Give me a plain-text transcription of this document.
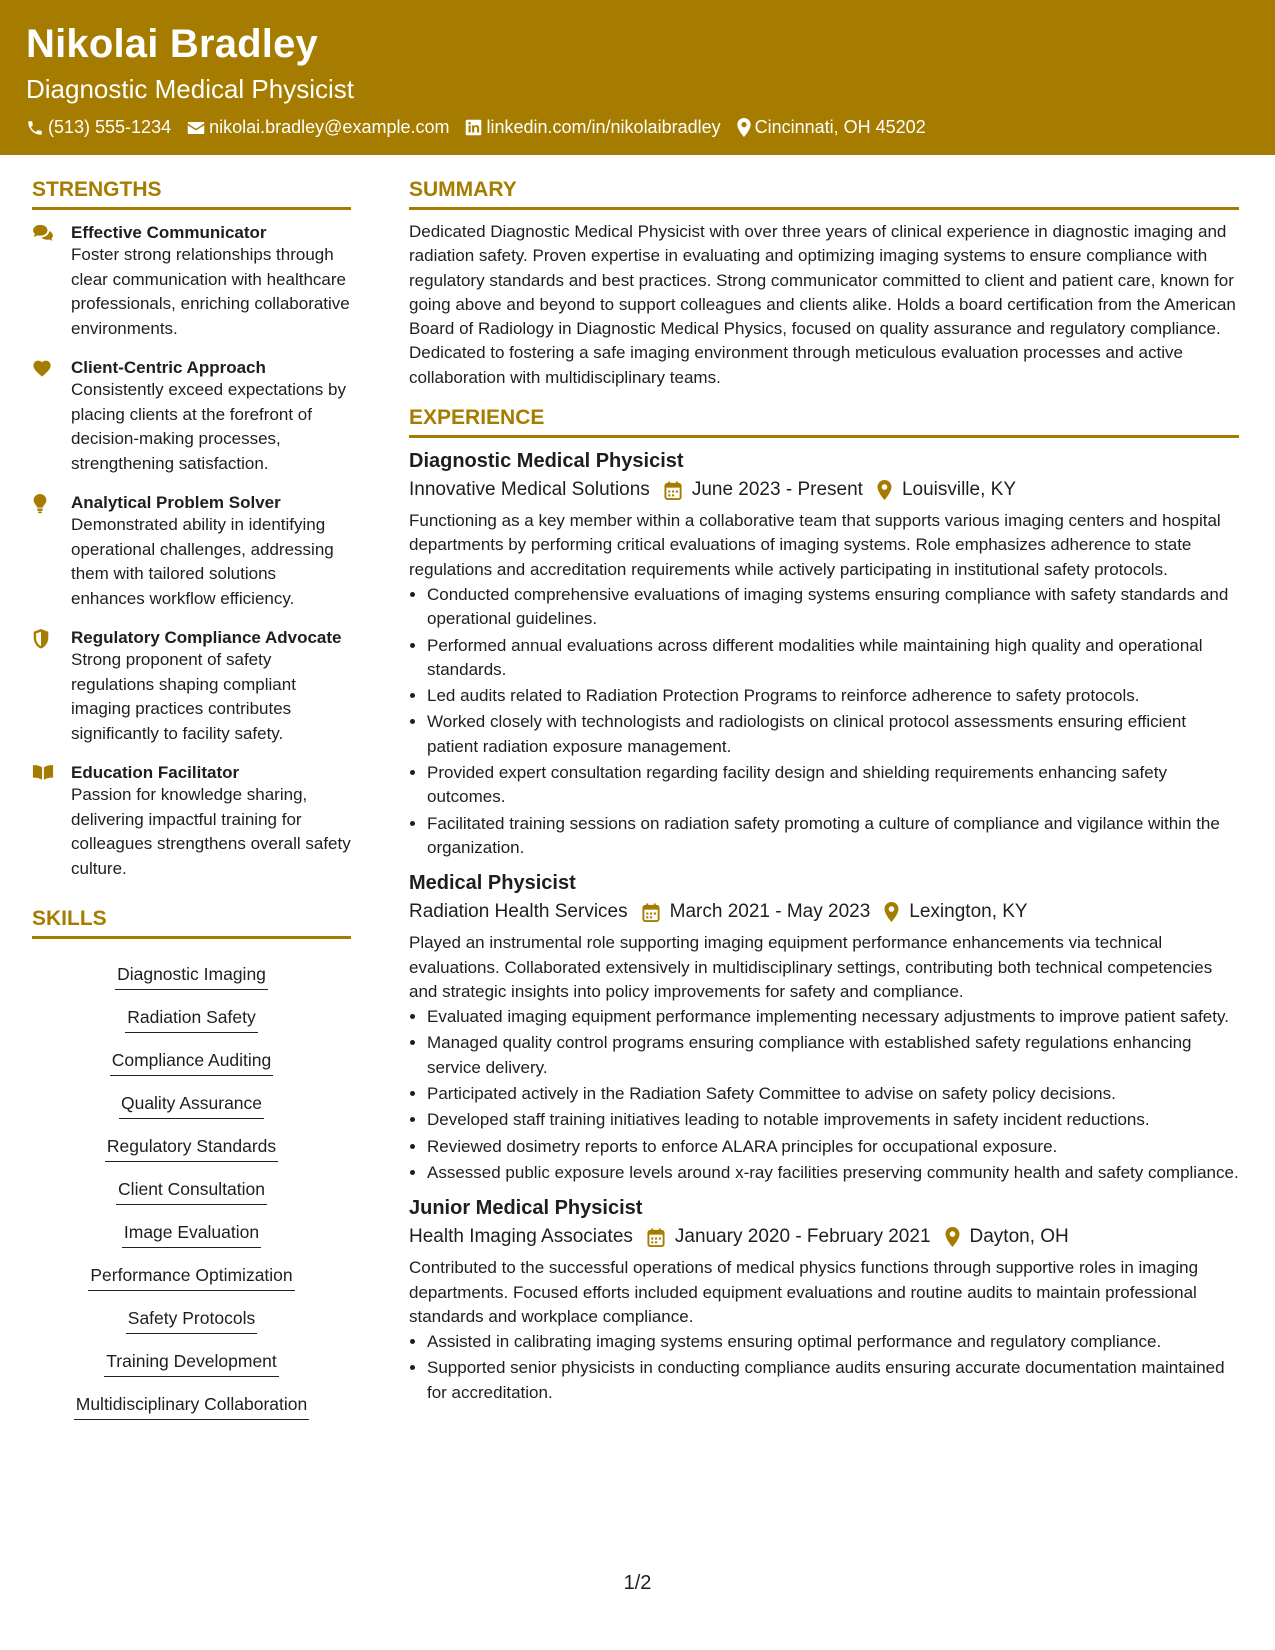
Nikolai Bradley
Diagnostic Medical Physicist
(513) 555-1234 nikolai.bradley@example.com linkedin.com/in/nikolaibradley Cincinnati, OH 45202
STRENGTHS
Effective Communicator
Foster strong relationships through clear communication with healthcare professionals, enriching collaborative environments.
Client-Centric Approach
Consistently exceed expectations by placing clients at the forefront of decision-making processes, strengthening satisfaction.
Analytical Problem Solver
Demonstrated ability in identifying operational challenges, addressing them with tailored solutions enhances workflow efficiency.
Regulatory Compliance Advocate
Strong proponent of safety regulations shaping compliant imaging practices contributes significantly to facility safety.
Education Facilitator
Passion for knowledge sharing, delivering impactful training for colleagues strengthens overall safety culture.
SKILLS
Diagnostic Imaging
Radiation Safety
Compliance Auditing
Quality Assurance
Regulatory Standards
Client Consultation
Image Evaluation
Performance Optimization
Safety Protocols
Training Development
Multidisciplinary Collaboration
SUMMARY
Dedicated Diagnostic Medical Physicist with over three years of clinical experience in diagnostic imaging and radiation safety. Proven expertise in evaluating and optimizing imaging systems to ensure compliance with regulatory standards and best practices. Strong communicator committed to client and patient care, known for going above and beyond to support colleagues and clients alike. Holds a board certification from the American Board of Radiology in Diagnostic Medical Physics, focused on quality assurance and regulatory compliance. Dedicated to fostering a safe imaging environment through meticulous evaluation processes and active collaboration with multidisciplinary teams.
EXPERIENCE
Diagnostic Medical Physicist
Innovative Medical Solutions June 2023 - Present Louisville, KY
Functioning as a key member within a collaborative team that supports various imaging centers and hospital departments by performing critical evaluations of imaging systems. Role emphasizes adherence to state regulations and accreditation requirements while actively participating in institutional safety protocols.
• Conducted comprehensive evaluations of imaging systems ensuring compliance with safety standards and operational guidelines.
• Performed annual evaluations across different modalities while maintaining high quality and operational standards.
• Led audits related to Radiation Protection Programs to reinforce adherence to safety protocols.
• Worked closely with technologists and radiologists on clinical protocol assessments ensuring efficient patient radiation exposure management.
• Provided expert consultation regarding facility design and shielding requirements enhancing safety outcomes.
• Facilitated training sessions on radiation safety promoting a culture of compliance and vigilance within the organization.
Medical Physicist
Radiation Health Services March 2021 - May 2023 Lexington, KY
Played an instrumental role supporting imaging equipment performance enhancements via technical evaluations. Collaborated extensively in multidisciplinary settings, contributing both technical competencies and strategic insights into policy improvements for safety and compliance.
• Evaluated imaging equipment performance implementing necessary adjustments to improve patient safety.
• Managed quality control programs ensuring compliance with established safety regulations enhancing service delivery.
• Participated actively in the Radiation Safety Committee to advise on safety policy decisions.
• Developed staff training initiatives leading to notable improvements in safety incident reductions.
• Reviewed dosimetry reports to enforce ALARA principles for occupational exposure.
• Assessed public exposure levels around x-ray facilities preserving community health and safety compliance.
Junior Medical Physicist
Health Imaging Associates January 2020 - February 2021 Dayton, OH
Contributed to the successful operations of medical physics functions through supportive roles in imaging departments. Focused efforts included equipment evaluations and routine audits to maintain professional standards and workplace compliance.
• Assisted in calibrating imaging systems ensuring optimal performance and regulatory compliance.
• Supported senior physicists in conducting compliance audits ensuring accurate documentation maintained for accreditation.
1/2
